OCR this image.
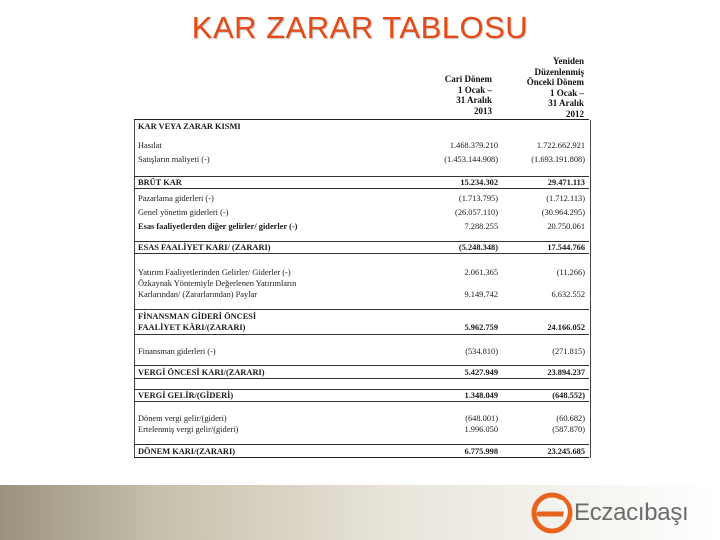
KAR ZARAR TABLOSU
Cari Dönem
1 Ocak –
31 Aralık
2013
Yeniden
Düzenlenmiş
Önceki Dönem
1 Ocak –
31 Aralık
2012
KAR VEYA ZARAR KISMI
Hasılat	1.468.379.210	1.722.662.921
Satışların maliyeti (-)	(1.453.144.908)	(1.693.191.808)
BRÜT KAR	15.234.302	29.471.113
Pazarlama giderleri (-)	(1.713.795)	(1.712.113)
Genel yönetim giderleri (-)	(26.057.110)	(30.964.295)
Esas faaliyetlerden diğer gelirler/ giderler (-)	7.288.255	20.750.061
ESAS FAALİYET KARI/ (ZARARI)	(5.248.348)	17.544.766
Yatırım Faaliyetlerinden Gelirler/ Giderler (-)	2.061.365	(11.266)
Özkaynak Yöntemiyle Değerlenen Yatırımların
Karlarından/ (Zararlarından) Paylar	9.149.742	6.632.552
FİNANSMAN GİDERİ ÖNCESİ
FAALİYET KÂRI/(ZARARI)	5.962.759	24.166.052
Finansman giderleri (-)	(534.810)	(271.815)
VERGİ ÖNCESİ KARI/(ZARARI)	5.427.949	23.894.237
VERGİ GELİR/(GİDERİ)	1.348.049	(648.552)
Dönem vergi gelir/(gideri)	(648.001)	(60.682)
Ertelenmiş vergi gelir/(gideri)	1.996.050	(587.870)
DÖNEM KARI/(ZARARI)	6.775.998	23.245.685
Eczacıbaşı
